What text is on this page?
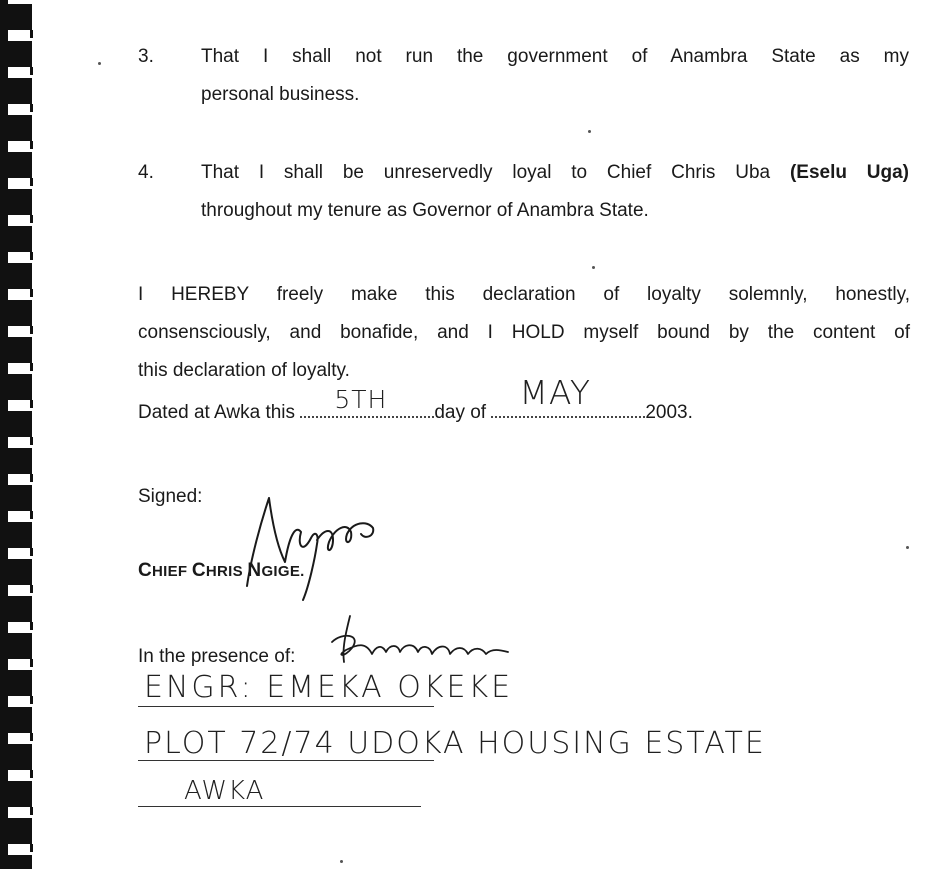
3. That I shall not run the government of Anambra State as my
personal business.
4. That I shall be unreservedly loyal to Chief Chris Uba (Eselu Uga)
throughout my tenure as Governor of Anambra State.
I HEREBY freely make this declaration of loyalty solemnly, honestly,
consensciously, and bonafide, and I HOLD myself bound by the content of
this declaration of loyalty.
Dated at Awka this 5TH day of
MAY
2003.
Signed:
CHIEF CHRIS NGIGE.
In the presence of:
ENGR: EMEKA OKEKE
PLOT 72/74 UDOKA HOUSING ESTATE
AWKA
